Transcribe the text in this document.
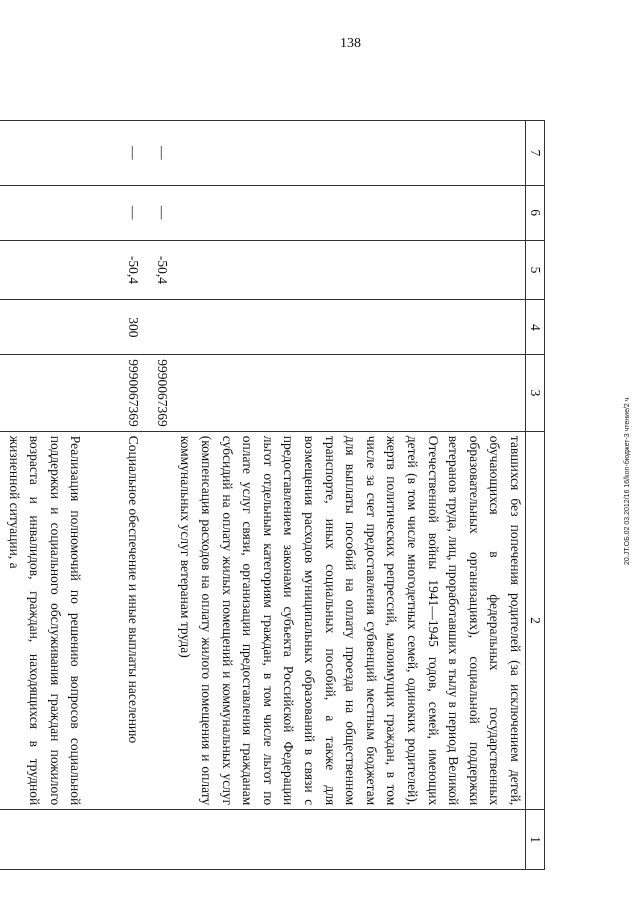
138
20.JT.ОБ.02 03.2012/16 16/kon-бюджет-3 чтение/2 ч
7	6	5	4	3	2	1
—	—	-50,4		9990067369	тавшихся без попечения родителей (за исключением детей, обучающихся в федеральных государственных образовательных организациях), социальной поддержки ветеранов труда, лиц, проработавших в тылу в период Великой Отечественной войны 1941—1945 годов, семей, имеющих детей (в том числе многодетных семей, одиноких родителей), жертв политических репрессий, малоимущих граждан, в том числе за счет предоставления субвенций местным бюджетам для выплаты пособий на оплату проезда на общественном транспорте, иных социальных пособий, а также для возмещения расходов муниципальных образований в связи с предоставлением законами субъекта Российской Федерации льгот отдельным категориям граждан, в том числе льгот по оплате услуг связи, организации предоставления гражданам субсидий на оплату жилых помещений и коммунальных услуг (компенсация расходов на оплату жилого помещения и оплату коммунальных услуг ветеранам труда)	
—	—	-50,4	300	9990067369	Социальное обеспечение и иные выплаты населению	
					Реализация полномочий по решению вопросов социальной поддержки и социального обслуживания граждан пожилого возраста и инвалидов, граждан, находящихся в трудной жизненной ситуации, а	
